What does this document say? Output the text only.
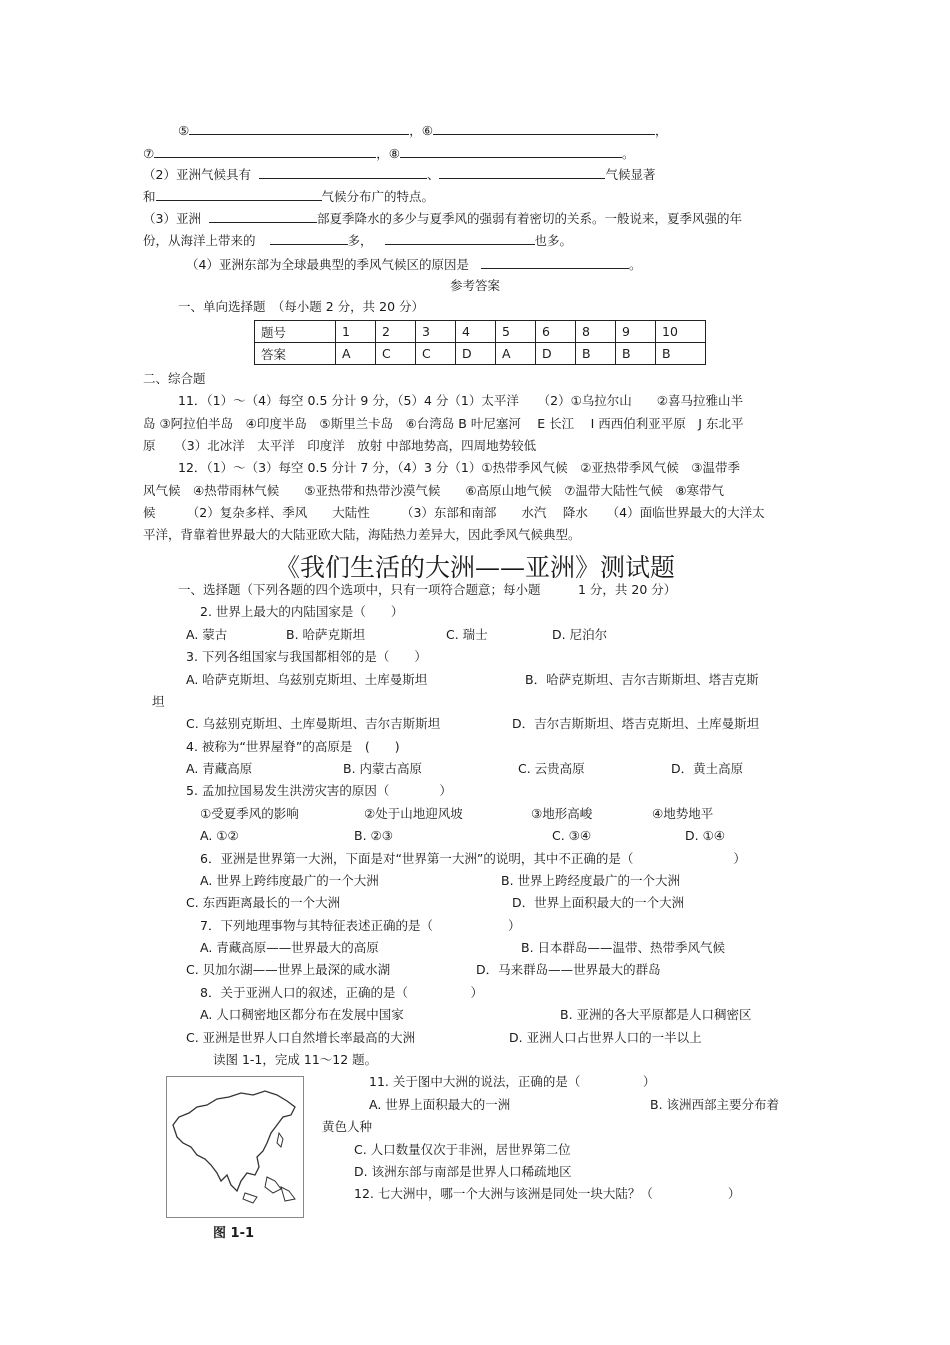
⑤	，⑥	，
⑦	，⑧	。
（2）亚洲气候具有	、	气候显著
和	气候分布广的特点。
（3）亚洲	部夏季降水的多少与夏季风的强弱有着密切的关系。一般说来，夏季风强的年
份，从海洋上带来的	多，	也多。
（4）亚洲东部为全球最典型的季风气候区的原因是	。
参考答案
一、单向选择题　（每小题 2 分，共 20 分）
题号	1	2	3	4	5	6	8	9	10
答案	A	C	C	D	A	D	B	B	B
二、综合题
11．（1）～（4）每空 0.5 分计 9 分，（5）4 分（1）太平洋　　（2）①乌拉尔山　　②喜马拉雅山半
岛 ③阿拉伯半岛　④印度半岛　⑤斯里兰卡岛　⑥台湾岛 B 叶尼塞河　 E 长江　 I 西西伯利亚平原　J 东北平
原　　（3）北冰洋　太平洋　印度洋　放射 中部地势高，四周地势较低
12．（1）～（3）每空 0.5 分计 7 分，（4）3 分（1）①热带季风气候　②亚热带季风气候　③温带季
风气候　④热带雨林气候　　⑤亚热带和热带沙漠气候　　⑥高原山地气候　⑦温带大陆性气候　⑧寒带气
候　　　（2）复杂多样、季风　　大陆性　　　（3）东部和南部　　水汽　 降水　　（4）面临世界最大的大洋太
平洋，背靠着世界最大的大陆亚欧大陆，海陆热力差异大，因此季风气候典型。
《我们生活的大洲——亚洲》测试题
一、选择题（下列各题的四个选项中，只有一项符合题意；每小题　　　1 分，共 20 分）
2. 世界上最大的内陆国家是（　　）
A. 蒙古	B. 哈萨克斯坦	C. 瑞士	D. 尼泊尔
3. 下列各组国家与我国都相邻的是（　　）
A. 哈萨克斯坦、乌兹别克斯坦、土库曼斯坦	B．哈萨克斯坦、吉尔吉斯斯坦、塔吉克斯
坦
C. 乌兹别克斯坦、土库曼斯坦、吉尔吉斯斯坦	D．吉尔吉斯斯坦、塔吉克斯坦、土库曼斯坦
4. 被称为“世界屋脊”的高原是　(　　)
A. 青藏高原	B. 内蒙古高原	C. 云贵高原	D．黄土高原
5. 孟加拉国易发生洪涝灾害的原因（　　　　）
①受夏季风的影响	②处于山地迎风坡	③地形高峻	④地势地平
A. ①②	B. ②③	C. ③④	D. ①④
6．亚洲是世界第一大洲，下面是对“世界第一大洲”的说明，其中不正确的是（　　　　　　　　）
A. 世界上跨纬度最广的一个大洲	B. 世界上跨经度最广的一个大洲
C. 东西距离最长的一个大洲	D．世界上面积最大的一个大洲
7．下列地理事物与其特征表述正确的是（　　　　　　）
A. 青藏高原——世界最大的高原	B. 日本群岛——温带、热带季风气候
C. 贝加尔湖——世界上最深的咸水湖	D．马来群岛——世界最大的群岛
8．关于亚洲人口的叙述，正确的是（　　　　　）
A. 人口稠密地区都分布在发展中国家	B. 亚洲的各大平原都是人口稠密区
C. 亚洲是世界人口自然增长率最高的大洲	D. 亚洲人口占世界人口的一半以上
读图 1-1，完成 11～12 题。
图 1-1
11. 关于图中大洲的说法，正确的是（　　　　　）
A. 世界上面积最大的一洲	B. 该洲西部主要分布着
黄色人种
C. 人口数量仅次于非洲，居世界第二位
D. 该洲东部与南部是世界人口稀疏地区
12. 七大洲中，哪一个大洲与该洲是同处一块大陆？（　　　　　　）
